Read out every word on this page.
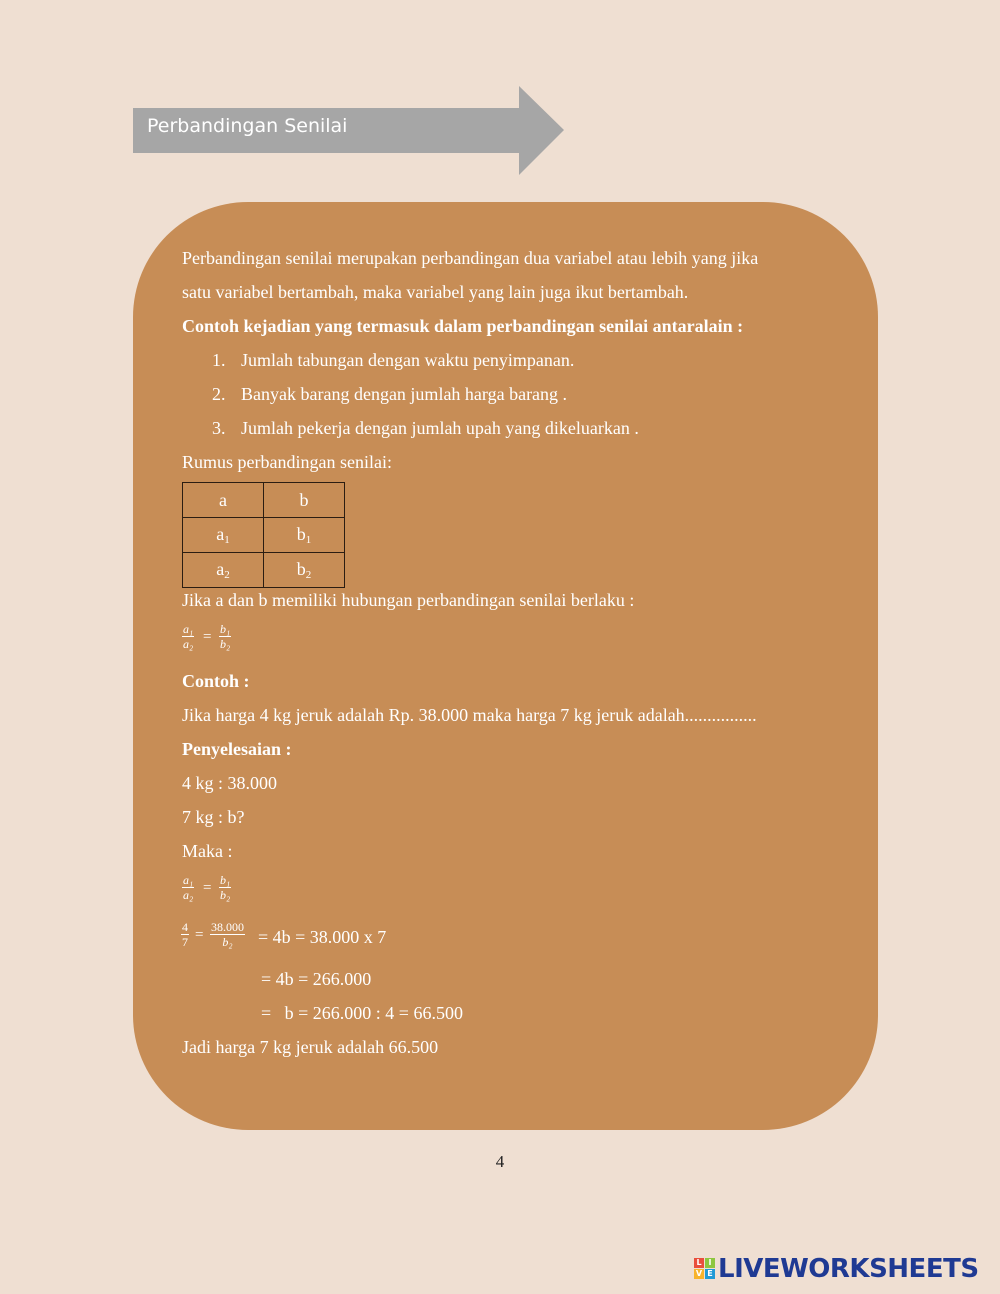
Perbandingan Senilai
Perbandingan senilai merupakan perbandingan dua variabel atau lebih yang jika
satu variabel bertambah, maka variabel yang lain juga ikut bertambah.
Contoh kejadian yang termasuk dalam perbandingan senilai antaralain :
1. Jumlah tabungan dengan waktu penyimpanan.
2. Banyak barang dengan jumlah harga barang .
3. Jumlah pekerja dengan jumlah upah yang dikeluarkan .
Rumus perbandingan senilai:
a	b
$a_1$	$b_1$
$a_2$	$b_2$
Jika a dan b memiliki hubungan perbandingan senilai berlaku :
$\frac{\text{a₁}}{\text{a₂}} = \frac{\text{b₁}}{\text{b₂}}$
Contoh :
Jika harga 4 kg jeruk adalah Rp. 38.000 maka harga 7 kg jeruk adalah................
Penyelesaian :
4 kg : 38.000
7 kg : b?
Maka :
$\frac{\text{a₁}}{\text{a₂}} = \frac{\text{b₁}}{\text{b₂}}$
$\frac{4}{7} = \frac{38.000}{\text{b₂}} = 4b = 38.000$ x 7
= 4b = 266.000
=   b = 266.000 : 4 = 66.500
Jadi harga 7 kg jeruk adalah 66.500
4
L I
V E LIVEWORKSHEETS
